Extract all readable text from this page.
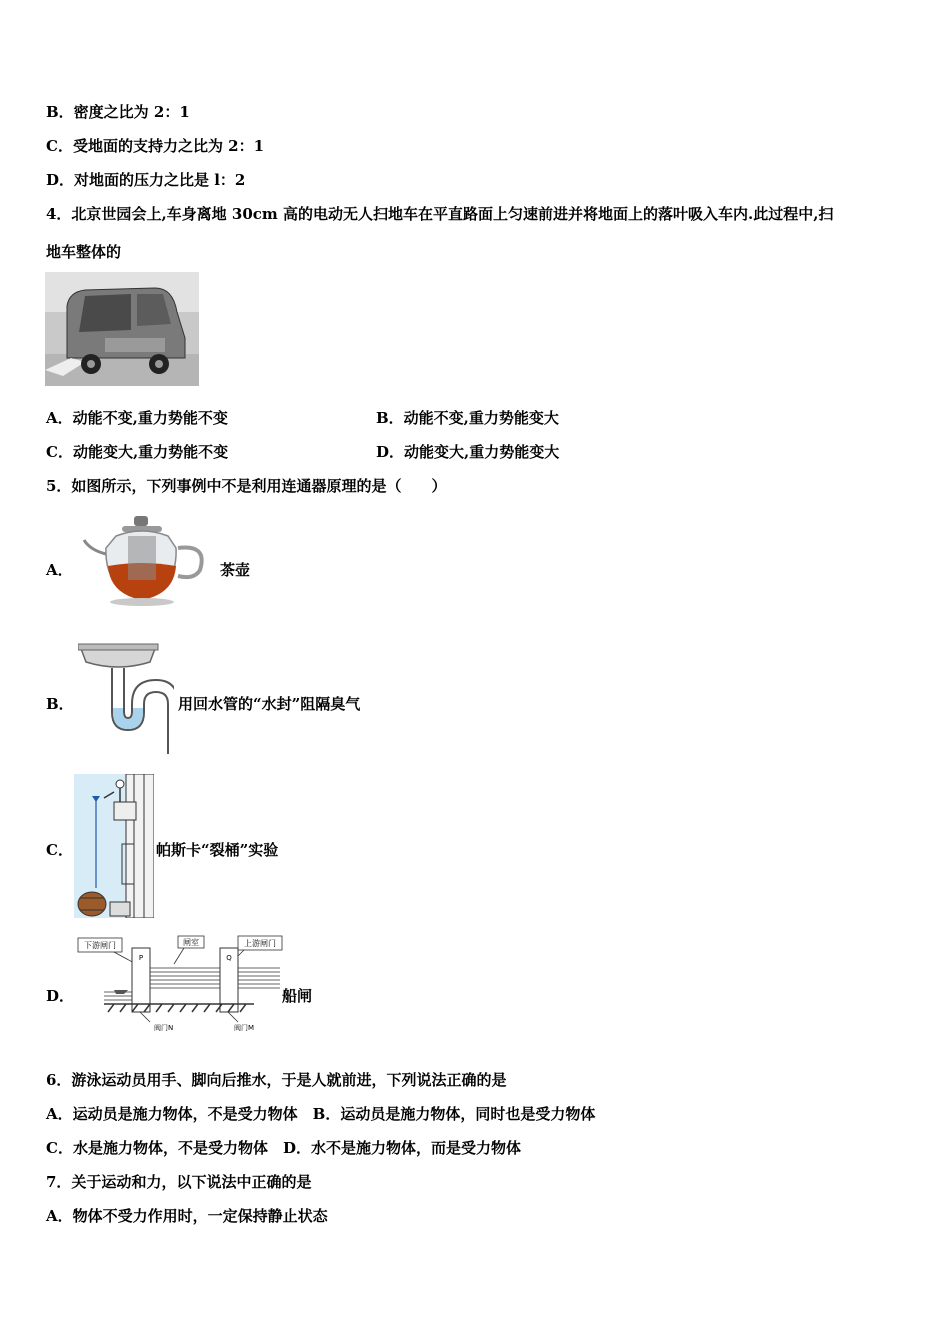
B．密度之比为 2：1
C．受地面的支持力之比为 2：1
D．对地面的压力之比是 l：2
4．北京世园会上,车身离地 30cm 高的电动无人扫地车在平直路面上匀速前进并将地面上的落叶吸入车内.此过程中,扫
地车整体的
A．动能不变,重力势能不变	B．动能不变,重力势能变大
C．动能变大,重力势能不变	D．动能变大,重力势能变大
5．如图所示，下列事例中不是利用连通器原理的是（　　）
A．	茶壶
B．	用回水管的“水封”阻隔臭气
C．	帕斯卡“裂桶”实验
D．
下游闸门	闸室	上游闸门
P	Q
阀门N	阀门M
船闸
6．游泳运动员用手、脚向后推水，于是人就前进，下列说法正确的是
A．运动员是施力物体，不是受力物体　B．运动员是施力物体，同时也是受力物体
C．水是施力物体，不是受力物体　D．水不是施力物体，而是受力物体
7．关于运动和力，以下说法中正确的是
A．物体不受力作用时，一定保持静止状态
